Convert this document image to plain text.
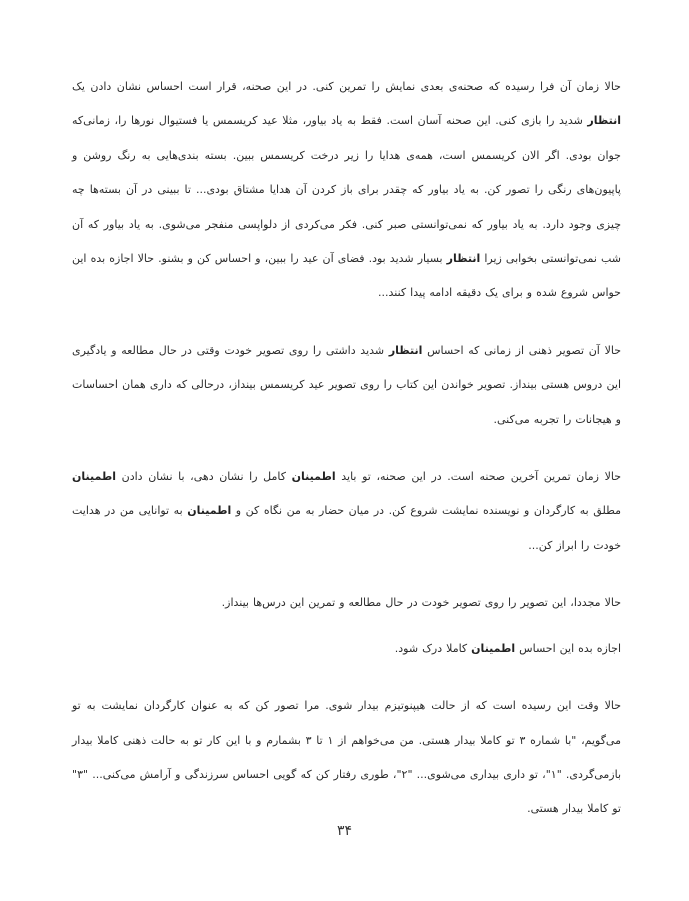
حالا زمان آن فرا رسیده که صحنه‌ی بعدی نمایش را تمرین کنی. در این صحنه، قرار است احساس نشان دادن یک انتظار شدید را بازی کنی. این صحنه آسان است. فقط به یاد بیاور، مثلا عید کریسمس یا فستیوال نورها را، زمانی‌که جوان بودی. اگر الان کریسمس است، همه‌ی هدایا را زیر درخت کریسمس ببین. بسته بندی‌هایی به رنگ روشن و پاپیون‌های رنگی را تصور کن. به یاد بیاور که چقدر برای باز کردن آن هدایا مشتاق بودی... تا ببینی در آن بسته‌ها چه چیزی وجود دارد. به یاد بیاور که نمی‌توانستی صبر کنی. فکر می‌کردی از دلواپسی منفجر می‌شوی. به یاد بیاور که آن شب نمی‌توانستی بخوابی زیرا انتظار بسیار شدید بود. فضای آن عید را ببین، و احساس کن و بشنو. حالا اجازه بده این حواس شروع شده و برای یک دقیقه ادامه پیدا کنند...

حالا آن تصویر ذهنی از زمانی که احساس انتظار شدید داشتی را روی تصویر خودت وقتی در حال مطالعه و یادگیری این دروس هستی بینداز. تصویر خواندن این کتاب را روی تصویر عید کریسمس بینداز، درحالی که داری همان احساسات و هیجانات را تجربه می‌کنی.

حالا زمان تمرین آخرین صحنه است. در این صحنه، تو باید اطمینان کامل را نشان دهی، با نشان دادن اطمینان مطلق به کارگردان و نویسنده نمایشت شروع کن. در میان حضار به من نگاه کن و اطمینان به توانایی من در هدایت خودت را ابراز کن...

حالا مجددا، این تصویر را روی تصویر خودت در حال مطالعه و تمرین این درس‌ها بینداز.

اجازه بده این احساس اطمینان کاملا درک شود.

حالا وقت این رسیده است که از حالت هیپنوتیزم بیدار شوی. مرا تصور کن که به عنوان کارگردان نمایشت به تو می‌گویم، "با شماره ۳ تو کاملا بیدار هستی. من می‌خواهم از ۱ تا ۳ بشمارم و با این کار تو به حالت ذهنی کاملا بیدار بازمی‌گردی. "۱"، تو داری بیداری می‌شوی... "۲"، طوری رفتار کن که گویی احساس سرزندگی و آرامش می‌کنی... "۳" تو کاملا بیدار هستی.

۳۴
